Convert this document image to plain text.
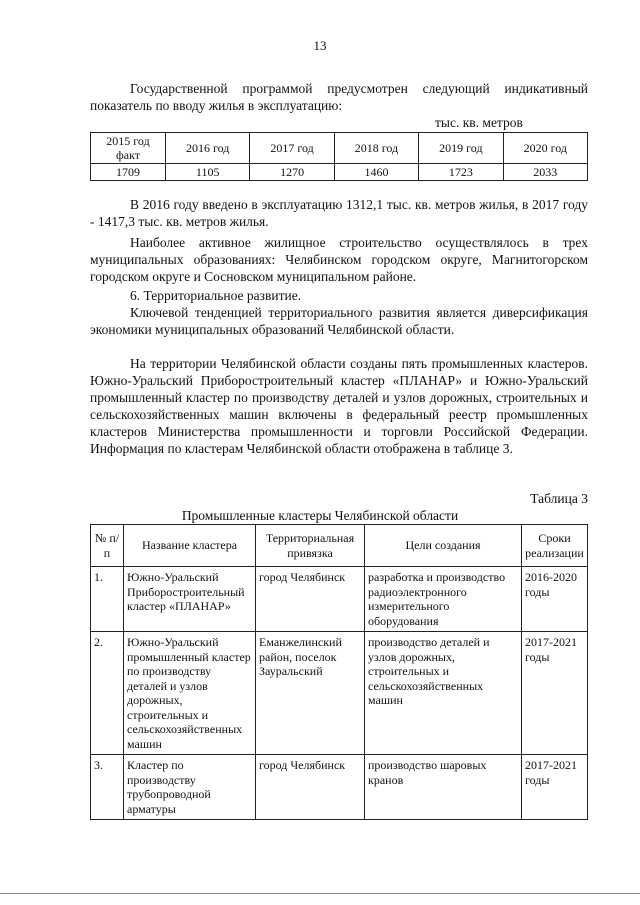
13

Государственной программой предусмотрен следующий индикативный показатель по вводу жилья в эксплуатацию:

тыс. кв. метров
2015 год факт	2016 год	2017 год	2018 год	2019 год	2020 год
1709	1105	1270	1460	1723	2033

В 2016 году введено в эксплуатацию 1312,1 тыс. кв. метров жилья, в 2017 году - 1417,3 тыс. кв. метров жилья.

Наиболее активное жилищное строительство осуществлялось в трех муниципальных образованиях: Челябинском городском округе, Магнитогорском городском округе и Сосновском муниципальном районе.

6. Территориальное развитие.

Ключевой тенденцией территориального развития является диверсификация экономики муниципальных образований Челябинской области.

На территории Челябинской области созданы пять промышленных кластеров. Южно-Уральский Приборостроительный кластер «ПЛАНАР» и Южно-Уральский промышленный кластер по производству деталей и узлов дорожных, строительных и сельскохозяйственных машин включены в федеральный реестр промышленных кластеров Министерства промышленности и торговли Российской Федерации. Информация по кластерам Челябинской области отображена в таблице 3.

Таблица 3
Промышленные кластеры Челябинской области
№ п/п	Название кластера	Территориальная привязка	Цели создания	Сроки реализации
1.	Южно-Уральский Приборостроительный кластер «ПЛАНАР»	город Челябинск	разработка и производство радиоэлектронного измерительного оборудования	2016-2020 годы
2.	Южно-Уральский промышленный кластер по производству деталей и узлов дорожных, строительных и сельскохозяйственных машин	Еманжелинский район, поселок Зауральский	производство деталей и узлов дорожных, строительных и сельскохозяйственных машин	2017-2021 годы
3.	Кластер по производству трубопроводной арматуры	город Челябинск	производство шаровых кранов	2017-2021 годы
